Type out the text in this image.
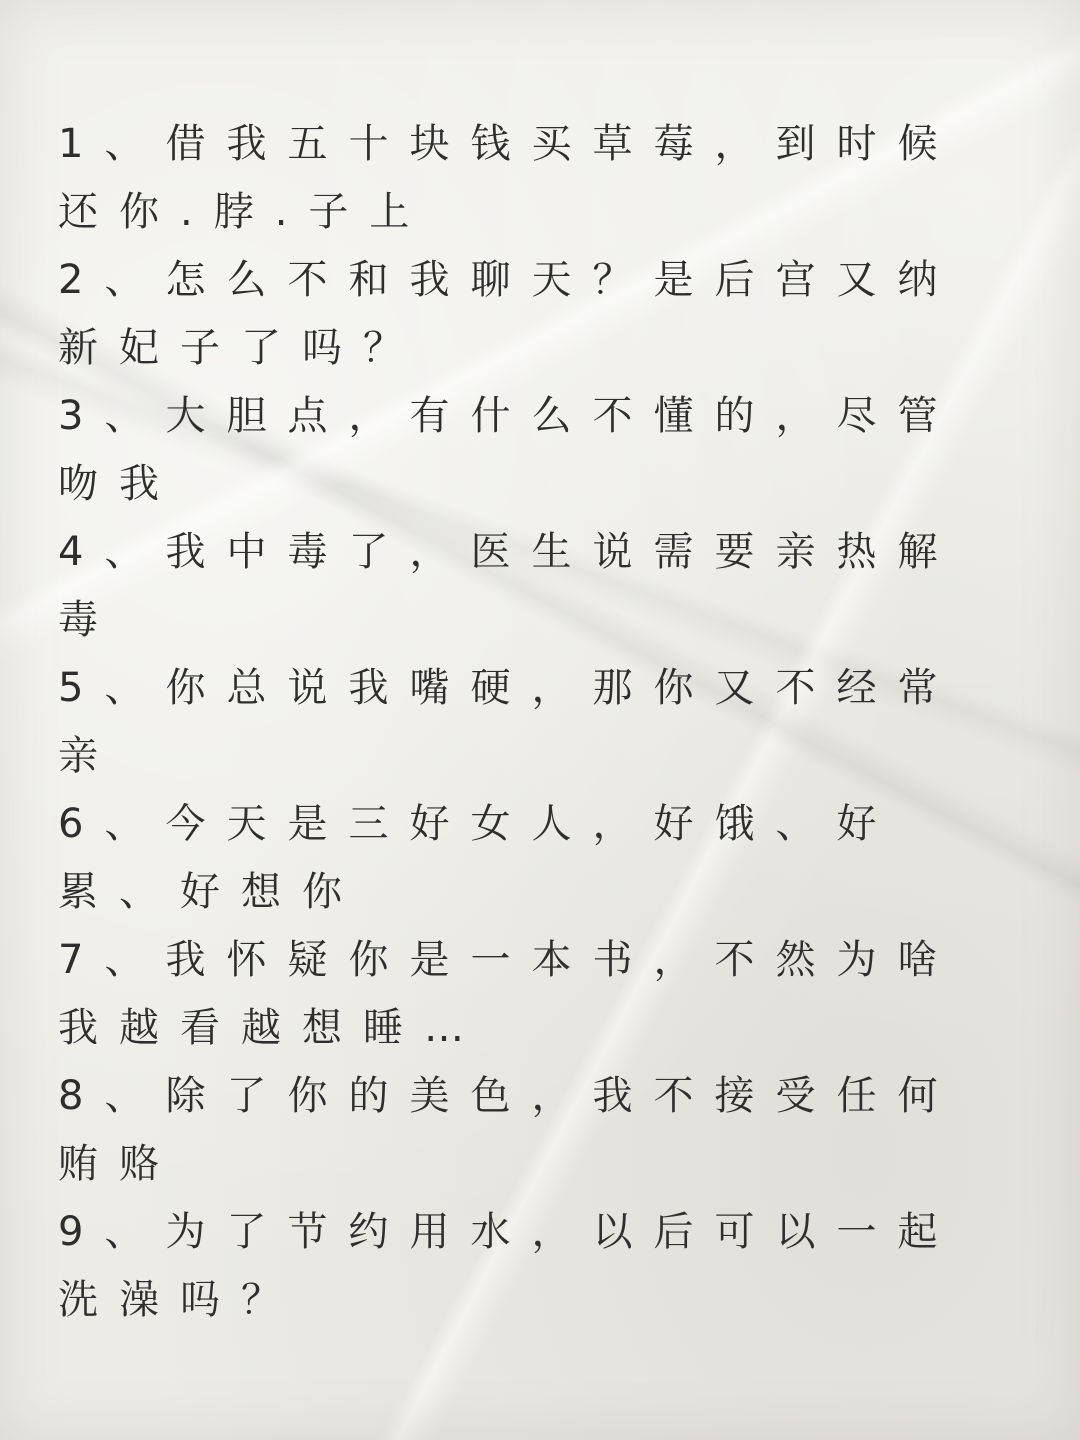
1、借我五十块钱买草莓，到时候
还你.脖.子上
2、怎么不和我聊天？是后宫又纳
新妃子了吗？
3、大胆点，有什么不懂的，尽管
吻我
4、我中毒了，医生说需要亲热解
毒
5、你总说我嘴硬，那你又不经常
亲
6、今天是三好女人，好饿、好
累、好想你
7、我怀疑你是一本书，不然为啥
我越看越想睡…
8、除了你的美色，我不接受任何
贿赂
9、为了节约用水，以后可以一起
洗澡吗？
